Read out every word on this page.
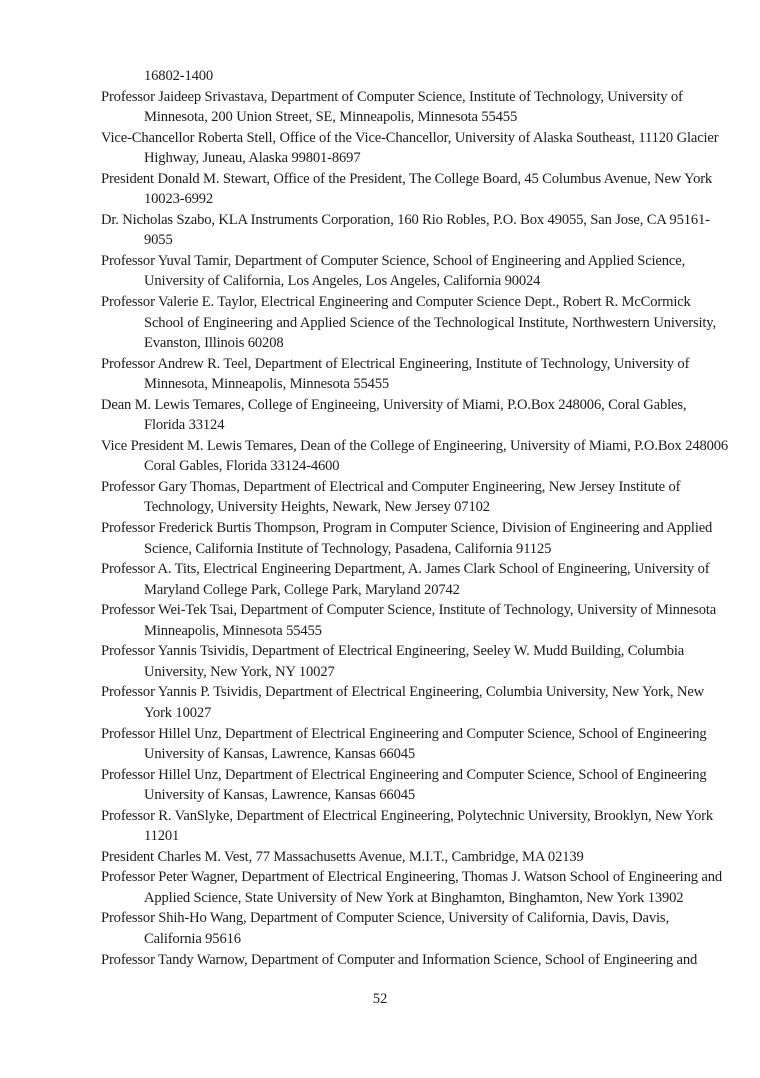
16802-1400
Professor Jaideep Srivastava, Department of Computer Science, Institute of Technology, University of
Minnesota, 200 Union Street, SE, Minneapolis, Minnesota 55455
Vice-Chancellor Roberta Stell, Office of the Vice-Chancellor, University of Alaska Southeast, 11120 Glacier
Highway, Juneau, Alaska 99801-8697
President Donald M. Stewart, Office of the President, The College Board, 45 Columbus Avenue, New York
10023-6992
Dr. Nicholas Szabo, KLA Instruments Corporation, 160 Rio Robles, P.O. Box 49055, San Jose, CA 95161-
9055
Professor Yuval Tamir, Department of Computer Science, School of Engineering and Applied Science,
University of California, Los Angeles, Los Angeles, California 90024
Professor Valerie E. Taylor, Electrical Engineering and Computer Science Dept., Robert R. McCormick
School of Engineering and Applied Science of the Technological Institute, Northwestern University,
Evanston, Illinois 60208
Professor Andrew R. Teel, Department of Electrical Engineering, Institute of Technology, University of
Minnesota, Minneapolis, Minnesota 55455
Dean M. Lewis Temares, College of Engineeing, University of Miami, P.O.Box 248006, Coral Gables,
Florida 33124
Vice President M. Lewis Temares, Dean of the College of Engineering, University of Miami, P.O.Box 248006
Coral Gables, Florida 33124-4600
Professor Gary Thomas, Department of Electrical and Computer Engineering, New Jersey Institute of
Technology, University Heights, Newark, New Jersey 07102
Professor Frederick Burtis Thompson, Program in Computer Science, Division of Engineering and Applied
Science, California Institute of Technology, Pasadena, California 91125
Professor A. Tits, Electrical Engineering Department, A. James Clark School of Engineering, University of
Maryland College Park, College Park, Maryland 20742
Professor Wei-Tek Tsai, Department of Computer Science, Institute of Technology, University of Minnesota
Minneapolis, Minnesota 55455
Professor Yannis Tsividis, Department of Electrical Engineering, Seeley W. Mudd Building, Columbia
University, New York, NY 10027
Professor Yannis P. Tsividis, Department of Electrical Engineering, Columbia University, New York, New
York 10027
Professor Hillel Unz, Department of Electrical Engineering and Computer Science, School of Engineering
University of Kansas, Lawrence, Kansas 66045
Professor Hillel Unz, Department of Electrical Engineering and Computer Science, School of Engineering
University of Kansas, Lawrence, Kansas 66045
Professor R. VanSlyke, Department of Electrical Engineering, Polytechnic University, Brooklyn, New York
11201
President Charles M. Vest, 77 Massachusetts Avenue, M.I.T., Cambridge, MA 02139
Professor Peter Wagner, Department of Electrical Engineering, Thomas J. Watson School of Engineering and
Applied Science, State University of New York at Binghamton, Binghamton, New York 13902
Professor Shih-Ho Wang, Department of Computer Science, University of California, Davis, Davis,
California 95616
Professor Tandy Warnow, Department of Computer and Information Science, School of Engineering and
52
